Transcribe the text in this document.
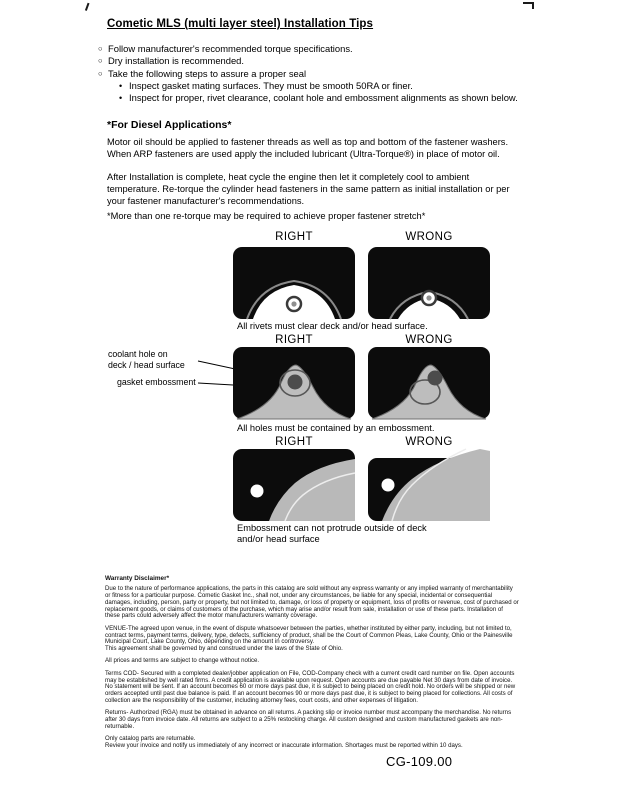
Cometic MLS (multi layer steel) Installation Tips
○ Follow manufacturer's recommended torque specifications.
○ Dry installation is recommended.
○ Take the following steps to assure a proper seal
• Inspect gasket mating surfaces. They must be smooth 50RA or finer.
• Inspect for proper, rivet clearance, coolant hole and embossment alignments as shown below.
*For Diesel Applications*

Motor oil should be applied to fastener threads as well as top and bottom of the fastener washers. When ARP fasteners are used apply the included lubricant (Ultra-Torque®) in place of motor oil.

After Installation is complete, heat cycle the engine then let it completely cool to ambient temperature. Re-torque the cylinder head fasteners in the same pattern as initial installation or per your fastener manufacturer's recommendations.

*More than one re-torque may be required to achieve proper fastener stretch*

RIGHT	WRONG
All rivets must clear deck and/or head surface.
RIGHT	WRONG
coolant hole on
deck / head surface
gasket embossment
All holes must be contained by an embossment.
RIGHT	WRONG
Embossment can not protrude outside of deck
and/or head surface
Warranty Disclaimer*

Due to the nature of performance applications, the parts in this catalog are sold without any express warranty or any implied warranty of merchantability or fitness for a particular purpose. Cometic Gasket Inc., shall not, under any circumstances, be liable for any special, incidental or consequential damages, including, person, party or property, but not limited to, damage, or loss of property or equipment, loss of profits or revenue, cost of purchased or replacement goods, or claims of customers of the purchase, which may arise and/or result from sale, installation or use of these parts. Installation of these parts could adversely affect the motor manufacturers warranty coverage.

VENUE-The agreed upon venue, in the event of dispute whatsoever between the parties, whether instituted by either party, including, but not limited to, contract terms, payment terms, delivery, type, defects, sufficiency of product, shall be the Court of Common Pleas, Lake County, Ohio or the Painesville Municipal Court, Lake County, Ohio, depending on the amount in controversy.
This agreement shall be governed by and construed under the laws of the State of Ohio.

All prices and terms are subject to change without notice.

Terms COD- Secured with a completed dealer/jobber application on File, COD-Company check with a current credit card number on file. Open accounts may be established by well rated firms. A credit application is available upon request. Open accounts are due payable Net 30 days from date of invoice. No statement will be sent. If an account becomes 60 or more days past due, it is subject to being placed on credit hold. No orders will be shipped or new orders accepted until past due balance is paid. If an account becomes 90 or more days past due, it is subject to being placed for collections. All costs of collection are the responsibility of the customer, including attorney fees, court costs, and other expenses of litigation.

Returns- Authorized (RGA) must be obtained in advance on all returns. A packing slip or invoice number must accompany the merchandise. No returns after 30 days from invoice date. All returns are subject to a 25% restocking charge. All custom designed and custom manufactured gaskets are non-returnable.

Only catalog parts are returnable.
Review your invoice and notify us immediately of any incorrect or inaccurate information. Shortages must be reported within 10 days.

CG-109.00
